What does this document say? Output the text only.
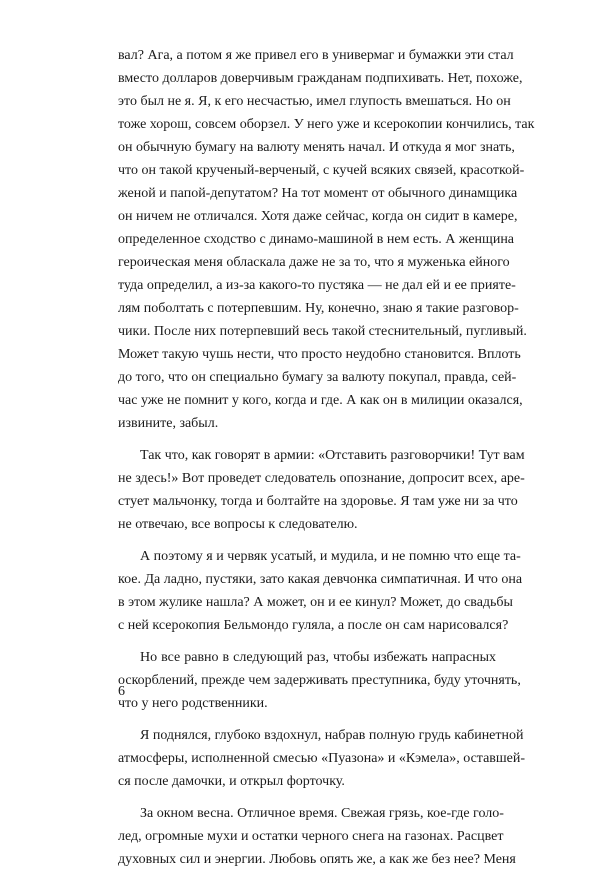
вал? Ага, а потом я же привел его в универмаг и бумажки эти стал
вместо долларов доверчивым гражданам подпихивать. Нет, похоже,
это был не я. Я, к его несчастью, имел глупость вмешаться. Но он
тоже хорош, совсем оборзел. У него уже и ксерокопии кончились, так
он обычную бумагу на валюту менять начал. И откуда я мог знать,
что он такой крученый-верченый, с кучей всяких связей, красоткой-
женой и папой-депутатом? На тот момент от обычного динамщика
он ничем не отличался. Хотя даже сейчас, когда он сидит в камере,
определенное сходство с динамо-машиной в нем есть. А женщина
героическая меня обласкала даже не за то, что я муженька ейного
туда определил, а из-за какого-то пустяка — не дал ей и ее прияте-
лям поболтать с потерпевшим. Ну, конечно, знаю я такие разговор-
чики. После них потерпевший весь такой стеснительный, пугливый.
Может такую чушь нести, что просто неудобно становится. Вплоть
до того, что он специально бумагу за валюту покупал, правда, сей-
час уже не помнит у кого, когда и где. А как он в милиции оказался,
извините, забыл.
Так что, как говорят в армии: «Отставить разговорчики! Тут вам
не здесь!» Вот проведет следователь опознание, допросит всех, аре-
стует мальчонку, тогда и болтайте на здоровье. Я там уже ни за что
не отвечаю, все вопросы к следователю.
А поэтому я и червяк усатый, и мудила, и не помню что еще та-
кое. Да ладно, пустяки, зато какая девчонка симпатичная. И что она
в этом жулике нашла? А может, он и ее кинул? Может, до свадьбы
с ней ксерокопия Бельмондо гуляла, а после он сам нарисовался?
Но все равно в следующий раз, чтобы избежать напрасных
оскорблений, прежде чем задерживать преступника, буду уточнять,
что у него родственники.
Я поднялся, глубоко вздохнул, набрав полную грудь кабинетной
атмосферы, исполненной смесью «Пуазона» и «Кэмела», оставшей-
ся после дамочки, и открыл форточку.
За окном весна. Отличное время. Свежая грязь, кое-где голо-
лед, огромные мухи и остатки черного снега на газонах. Расцвет
духовных сил и энергии. Любовь опять же, а как же без нее? Меня
6
